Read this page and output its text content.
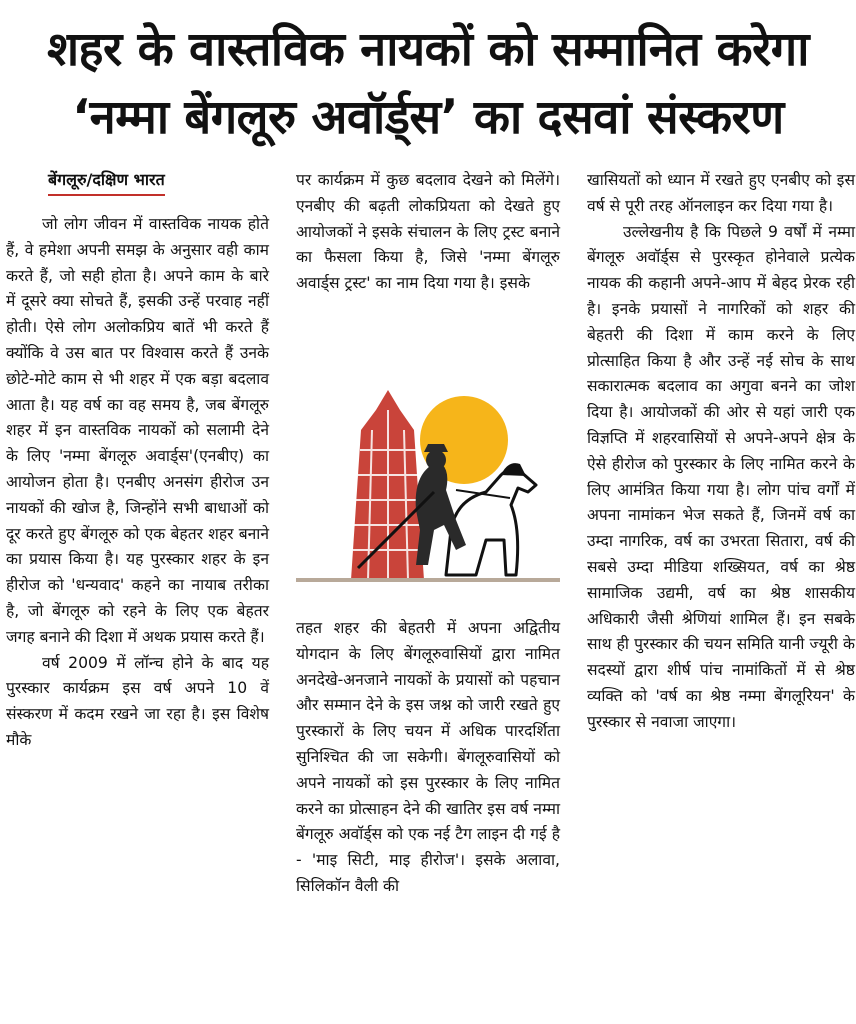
शहर के वास्तविक नायकों को सम्मानित करेगा
‘नम्मा बेंगलूरु अवॉर्ड्स’ का दसवां संस्करण
बेंगलूरु/दक्षिण भारत

जो लोग जीवन में वास्तविक नायक होते हैं, वे हमेशा अपनी समझ के अनुसार वही काम करते हैं, जो सही होता है। अपने काम के बारे में दूसरे क्या सोचते हैं, इसकी उन्हें परवाह नहीं होती। ऐसे लोग अलोकप्रिय बातें भी करते हैं क्योंकि वे उस बात पर विश्वास करते हैं उनके छोटे-मोटे काम से भी शहर में एक बड़ा बदलाव आता है। यह वर्ष का वह समय है, जब बेंगलूरु शहर में इन वास्तविक नायकों को सलामी देने के लिए 'नम्मा बेंगलूरु अवार्ड्स'(एनबीए) का आयोजन होता है। एनबीए अनसंग हीरोज उन नायकों की खोज है, जिन्होंने सभी बाधाओं को दूर करते हुए बेंगलूरु को एक बेहतर शहर बनाने का प्रयास किया है। यह पुरस्कार शहर के इन हीरोज को 'धन्यवाद' कहने का नायाब तरीका है, जो बेंगलूरु को रहने के लिए एक बेहतर जगह बनाने की दिशा में अथक प्रयास करते हैं।

वर्ष 2009 में लॉन्च होने के बाद यह पुरस्कार कार्यक्रम इस वर्ष अपने 10 वें संस्करण में कदम रखने जा रहा है। इस विशेष मौके

पर कार्यक्रम में कुछ बदलाव देखने को मिलेंगे। एनबीए की बढ़ती लोकप्रियता को देखते हुए आयोजकों ने इसके संचालन के लिए ट्रस्ट बनाने का फैसला किया है, जिसे 'नम्मा बेंगलूरु अवार्ड्स ट्रस्ट' का नाम दिया गया है। इसके

तहत शहर की बेहतरी में अपना अद्वितीय योगदान के लिए बेंगलूरुवासियों द्वारा नामित अनदेखे-अनजाने नायकों के प्रयासों को पहचान और सम्मान देने के इस जश्न को जारी रखते हुए पुरस्कारों के लिए चयन में अधिक पारदर्शिता सुनिश्चित की जा सकेगी। बेंगलूरुवासियों को अपने नायकों को इस पुरस्कार के लिए नामित करने का प्रोत्साहन देने की खातिर इस वर्ष नम्मा बेंगलूरु अवॉर्ड्स को एक नई टैग लाइन दी गई है - 'माइ सिटी, माइ हीरोज'। इसके अलावा, सिलिकॉन वैली की

खासियतों को ध्यान में रखते हुए एनबीए को इस वर्ष से पूरी तरह ऑनलाइन कर दिया गया है।

उल्लेखनीय है कि पिछले 9 वर्षों में नम्मा बेंगलूरु अवॉर्ड्स से पुरस्कृत होनेवाले प्रत्येक नायक की कहानी अपने-आप में बेहद प्रेरक रही है। इनके प्रयासों ने नागरिकों को शहर की बेहतरी की दिशा में काम करने के लिए प्रोत्साहित किया है और उन्हें नई सोच के साथ सकारात्मक बदलाव का अगुवा बनने का जोश दिया है। आयोजकों की ओर से यहां जारी एक विज्ञप्ति में शहरवासियों से अपने-अपने क्षेत्र के ऐसे हीरोज को पुरस्कार के लिए नामित करने के लिए आमंत्रित किया गया है। लोग पांच वर्गों में अपना नामांकन भेज सकते हैं, जिनमें वर्ष का उम्दा नागरिक, वर्ष का उभरता सितारा, वर्ष की सबसे उम्दा मीडिया शख्सियत, वर्ष का श्रेष्ठ सामाजिक उद्यमी, वर्ष का श्रेष्ठ शासकीय अधिकारी जैसी श्रेणियां शामिल हैं। इन सबके साथ ही पुरस्कार की चयन समिति यानी ज्यूरी के सदस्यों द्वारा शीर्ष पांच नामांकितों में से श्रेष्ठ व्यक्ति को 'वर्ष का श्रेष्ठ नम्मा बेंगलूरियन' के पुरस्कार से नवाजा जाएगा।
